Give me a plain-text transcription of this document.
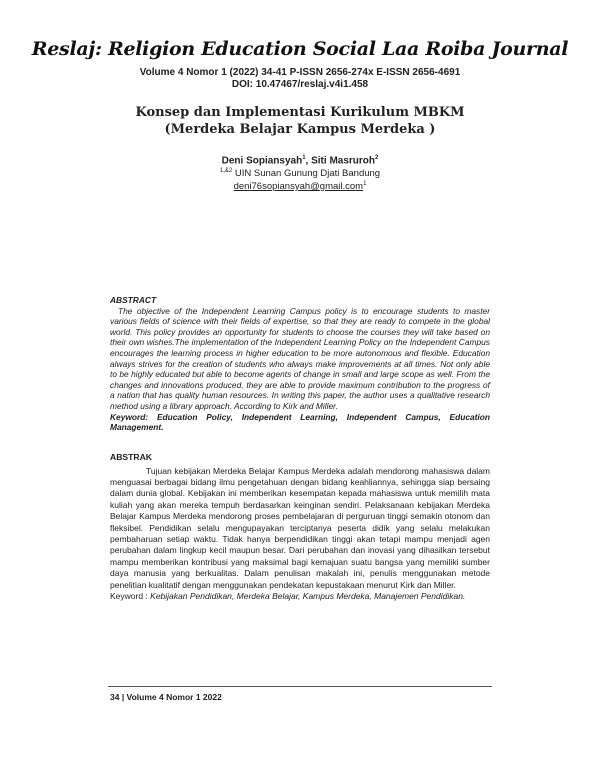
Reslaj: Religion Education Social Laa Roiba Journal
Volume 4 Nomor 1 (2022) 34-41 P-ISSN 2656-274x E-ISSN 2656-4691
DOI: 10.47467/reslaj.v4i1.458
Konsep dan Implementasi Kurikulum MBKM
(Merdeka Belajar Kampus Merdeka )
Deni Sopiansyah$^1$, Siti Masruroh$^2$
$^{1,\&2}$ UIN Sunan Gunung Djati Bandung
deni76sopiansyah@gmail.com$^1$
ABSTRACT
The objective of the Independent Learning Campus policy is to encourage students to master various fields of science with their fields of expertise, so that they are ready to compete in the global world. This policy provides an opportunity for students to choose the courses they will take based on their own wishes.The implementation of the Independent Learning Policy on the Independent Campus encourages the learning process in higher education to be more autonomous and flexible. Education always strives for the creation of students who always make improvements at all times. Not only able to be highly educated but able to become agents of change in small and large scope as well. From the changes and innovations produced, they are able to provide maximum contribution to the progress of a nation that has quality human resources. In writing this paper, the author uses a qualitative research method using a library approach. According to Kirk and Miller.
Keyword: Education Policy, Independent Learning, Independent Campus, Education Management.
ABSTRAK
Tujuan kebijakan Merdeka Belajar Kampus Merdeka adalah mendorong mahasiswa dalam menguasai berbagai bidang ilmu pengetahuan dengan bidang keahliannya, sehingga siap bersaing dalam dunia global. Kebijakan ini memberikan kesempatan kepada mahasiswa untuk memilih mata kuliah yang akan mereka tempuh berdasarkan keinginan sendiri. Pelaksanaan kebijakan Merdeka Belajar Kampus Merdeka mendorong proses pembelajaran di perguruan tinggi semakin otonom dan fleksibel. Pendidikan selalu mengupayakan terciptanya peserta didik yang selalu melakukan pembaharuan setiap waktu. Tidak hanya berpendidikan tinggi akan tetapi mampu menjadi agen perubahan dalam lingkup kecil maupun besar. Dari perubahan dan inovasi yang dihasilkan tersebut mampu memberikan kontribusi yang maksimal bagi kemajuan suatu bangsa yang memiliki sumber daya manusia yang berkualitas. Dalam penulisan makalah ini, penulis menggunakan metode penelitian kualitatif dengan menggunakan pendekatan kepustakaan menurut Kirk dan Miller.
Keyword : Kebijakan Pendidikan, Merdeka Belajar, Kampus Merdeka, Manajemen Pendidikan.
34 | Volume 4 Nomor 1 2022
